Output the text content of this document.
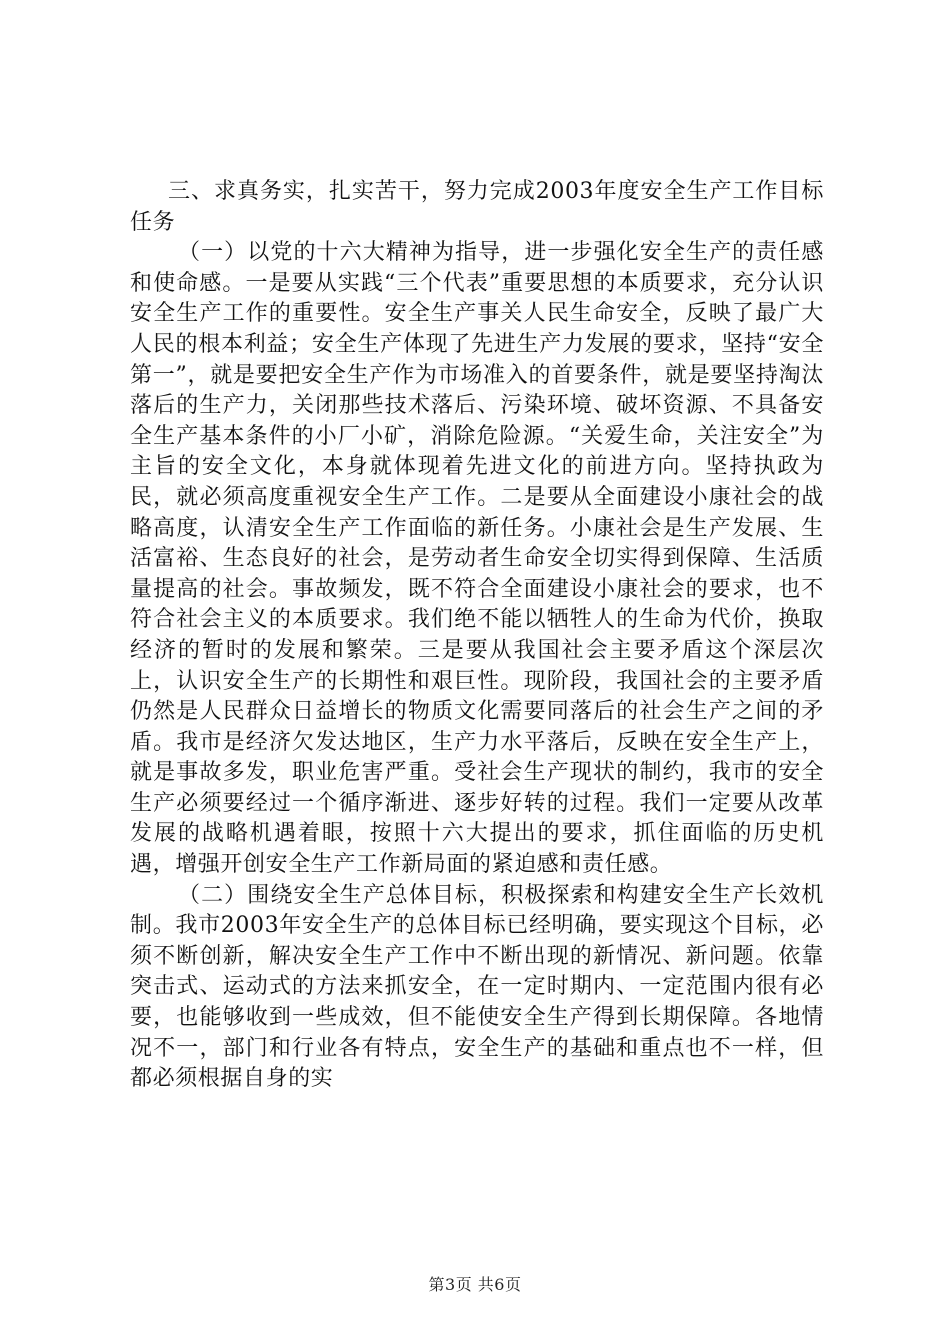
三、求真务实，扎实苦干，努力完成2003年度安全生产工作目标任务

（一）以党的十六大精神为指导，进一步强化安全生产的责任感和使命感。一是要从实践“三个代表”重要思想的本质要求，充分认识安全生产工作的重要性。安全生产事关人民生命安全，反映了最广大人民的根本利益；安全生产体现了先进生产力发展的要求，坚持“安全第一”，就是要把安全生产作为市场准入的首要条件，就是要坚持淘汰落后的生产力，关闭那些技术落后、污染环境、破坏资源、不具备安全生产基本条件的小厂小矿，消除危险源。“关爱生命，关注安全”为主旨的安全文化，本身就体现着先进文化的前进方向。坚持执政为民，就必须高度重视安全生产工作。二是要从全面建设小康社会的战略高度，认清安全生产工作面临的新任务。小康社会是生产发展、生活富裕、生态良好的社会，是劳动者生命安全切实得到保障、生活质量提高的社会。事故频发，既不符合全面建设小康社会的要求，也不符合社会主义的本质要求。我们绝不能以牺牲人的生命为代价，换取经济的暂时的发展和繁荣。三是要从我国社会主要矛盾这个深层次上，认识安全生产的长期性和艰巨性。现阶段，我国社会的主要矛盾仍然是人民群众日益增长的物质文化需要同落后的社会生产之间的矛盾。我市是经济欠发达地区，生产力水平落后，反映在安全生产上，就是事故多发，职业危害严重。受社会生产现状的制约，我市的安全生产必须要经过一个循序渐进、逐步好转的过程。我们一定要从改革发展的战略机遇着眼，按照十六大提出的要求，抓住面临的历史机遇，增强开创安全生产工作新局面的紧迫感和责任感。

（二）围绕安全生产总体目标，积极探索和构建安全生产长效机制。我市2003年安全生产的总体目标已经明确，要实现这个目标，必须不断创新，解决安全生产工作中不断出现的新情况、新问题。依靠突击式、运动式的方法来抓安全，在一定时期内、一定范围内很有必要，也能够收到一些成效，但不能使安全生产得到长期保障。各地情况不一，部门和行业各有特点，安全生产的基础和重点也不一样，但都必须根据自身的实

第3页 共6页
